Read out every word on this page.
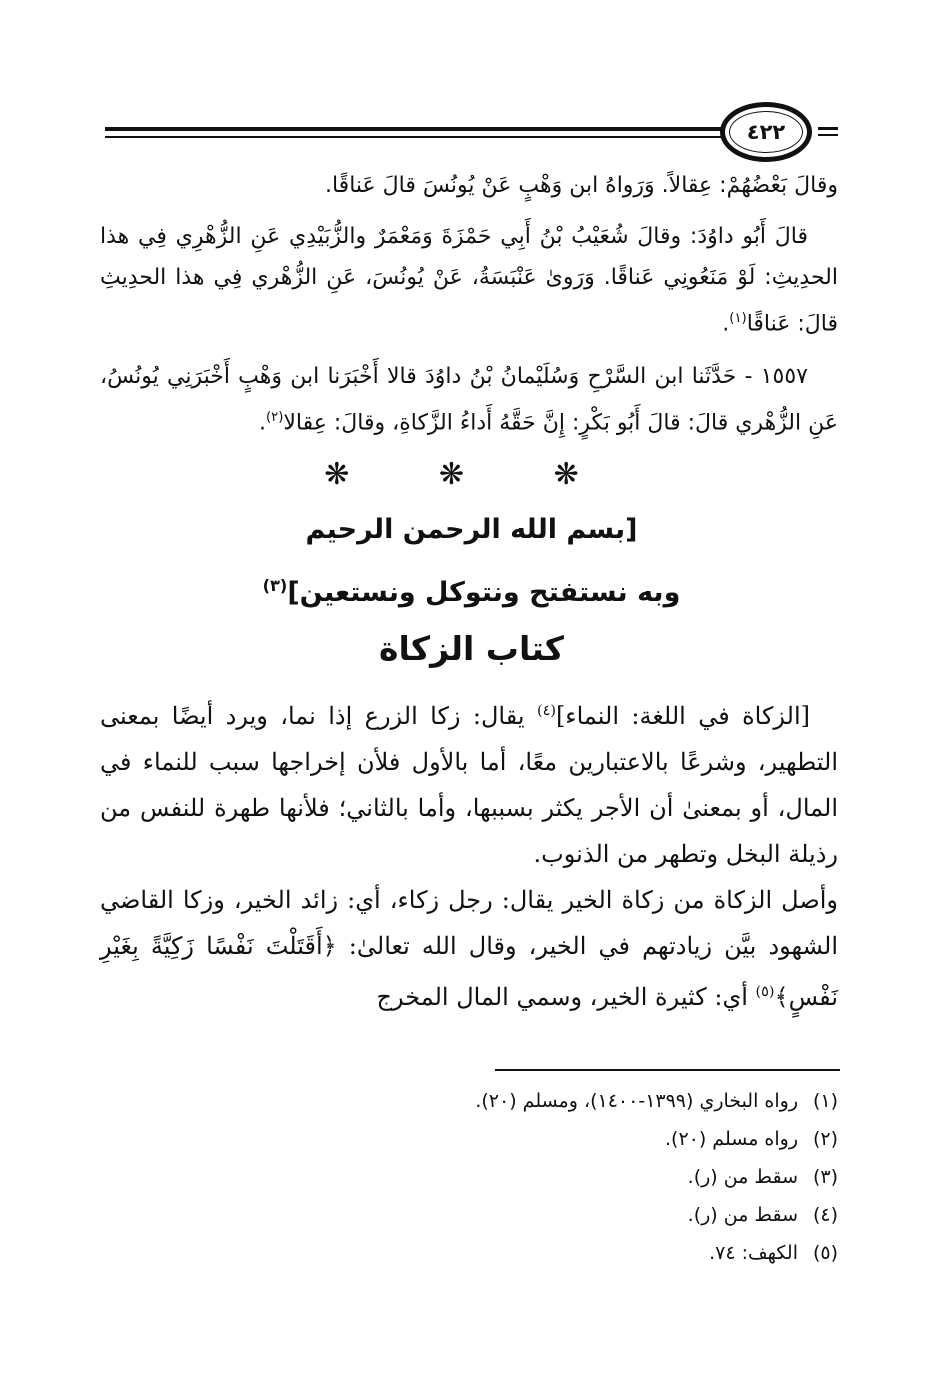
٤٢٢
وقالَ بَعْضُهُمْ: عِقالاً. وَرَواهُ ابن وَهْبٍ عَنْ يُونُسَ قالَ عَناقًا.
قالَ أَبُو داوُدَ: وقالَ شُعَيْبُ بْنُ أَبِي حَمْزَةَ وَمَعْمَرٌ والزُّبَيْدِي عَنِ الزُّهْرِي فِي هذا الحدِيثِ: لَوْ مَنَعُونِي عَناقًا. وَرَوىٰ عَنْبَسَةُ، عَنْ يُونُسَ، عَنِ الزُّهْري فِي هذا الحدِيثِ قالَ: عَناقًا$^{(١)}$.
١٥٥٧ - حَدَّثَنا ابن السَّرْحِ وَسُلَيْمانُ بْنُ داوُدَ قالا أَخْبَرَنا ابن وَهْبٍ أَخْبَرَنِي يُونُسُ، عَنِ الزُّهْري قالَ: قالَ أَبُو بَكْرٍ: إِنَّ حَقَّهُ أَداءُ الزَّكاةِ، وقالَ: عِقالا$^{(٢)}$.
❋ ❋ ❋
[بسم الله الرحمن الرحيم
وبه نستفتح ونتوكل ونستعين]$^{(٣)}$
كتاب الزكاة

[الزكاة في اللغة: النماء]$^{(٤)}$ يقال: زكا الزرع إذا نما، ويرد أيضًا بمعنى التطهير، وشرعًا بالاعتبارين معًا، أما بالأول فلأن إخراجها سبب للنماء في المال، أو بمعنىٰ أن الأجر يكثر بسببها، وأما بالثاني؛ فلأنها طهرة للنفس من رذيلة البخل وتطهر من الذنوب.

وأصل الزكاة من زكاة الخير يقال: رجل زكاء، أي: زائد الخير، وزكا القاضي الشهود بيَّن زيادتهم في الخير، وقال الله تعالىٰ: ﴿أَقَتَلْتَ نَفْسًا زَكِيَّةً بِغَيْرِ نَفْسٍ﴾$^{(٥)}$ أي: كثيرة الخير، وسمي المال المخرج

(١)
رواه البخاري (١٣٩٩-١٤٠٠)، ومسلم (٢٠).
(٢)
رواه مسلم (٢٠).
(٣)
سقط من (ر).
(٤)
سقط من (ر).
(٥)
الكهف: ٧٤.
